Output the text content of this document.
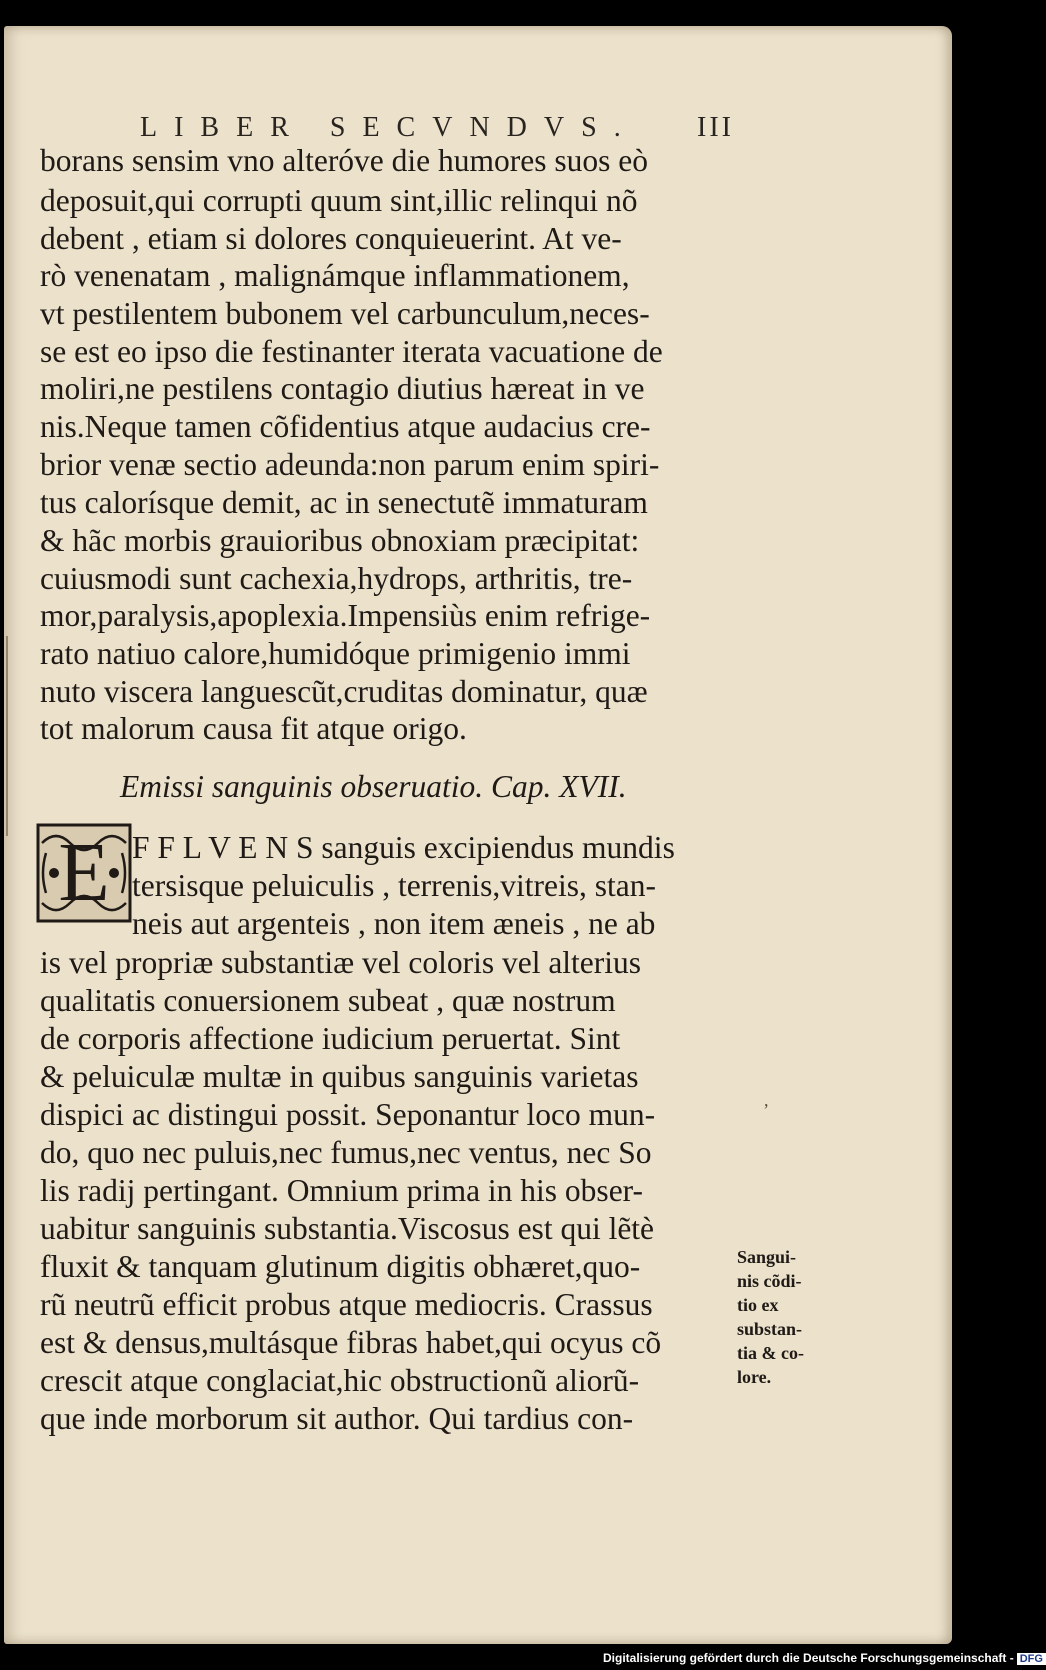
LIBER SECVNDVS. III
borans sensim vno alteróve die humores suos eò
deposuit,qui corrupti quum sint,illic relinqui nõ
debent , etiam si dolores conquieuerint. At ve-
rò venenatam , malignámque inflammationem,
vt pestilentem bubonem vel carbunculum,neces-
se est eo ipso die festinanter iterata vacuatione de
moliri,ne pestilens contagio diutius hæreat in ve
nis.Neque tamen cõfidentius atque audacius cre-
brior venæ sectio adeunda:non parum enim spiri-
tus calorísque demit, ac in senectutẽ immaturam
& hãc morbis grauioribus obnoxiam præcipitat:
cuiusmodi sunt cachexia,hydrops, arthritis, tre-
mor,paralysis,apoplexia.Impensiùs enim refrige-
rato natiuo calore,humidóque primigenio immi
nuto viscera languescũt,cruditas dominatur, quæ
tot malorum causa fit atque origo.
Emissi sanguinis obseruatio. Cap. XVII.
F F L V E N S sanguis excipiendus mundis
tersisque peluiculis , terrenis,vitreis, stan-
neis aut argenteis , non item æneis , ne ab
is vel propriæ substantiæ vel coloris vel alterius
qualitatis conuersionem subeat , quæ nostrum
de corporis affectione iudicium peruertat. Sint
& peluiculæ multæ in quibus sanguinis varietas
dispici ac distingui possit. Seponantur loco mun-
do, quo nec puluis,nec fumus,nec ventus, nec So
lis radij pertingant. Omnium prima in his obser-
uabitur sanguinis substantia.Viscosus est qui lẽtè
fluxit & tanquam glutinum digitis obhæret,quo-
rũ neutrũ efficit probus atque mediocris. Crassus
est & densus,multásque fibras habet,qui ocyus cõ
crescit atque conglaciat,hic obstructionũ aliorũ-
que inde morborum sit author. Qui tardius con-
E
,
Sangui-
nis cõdi-
tio ex
substan-
tia & co-
lore.
Digitalisierung gefördert durch die Deutsche Forschungsgemeinschaft - DFG
